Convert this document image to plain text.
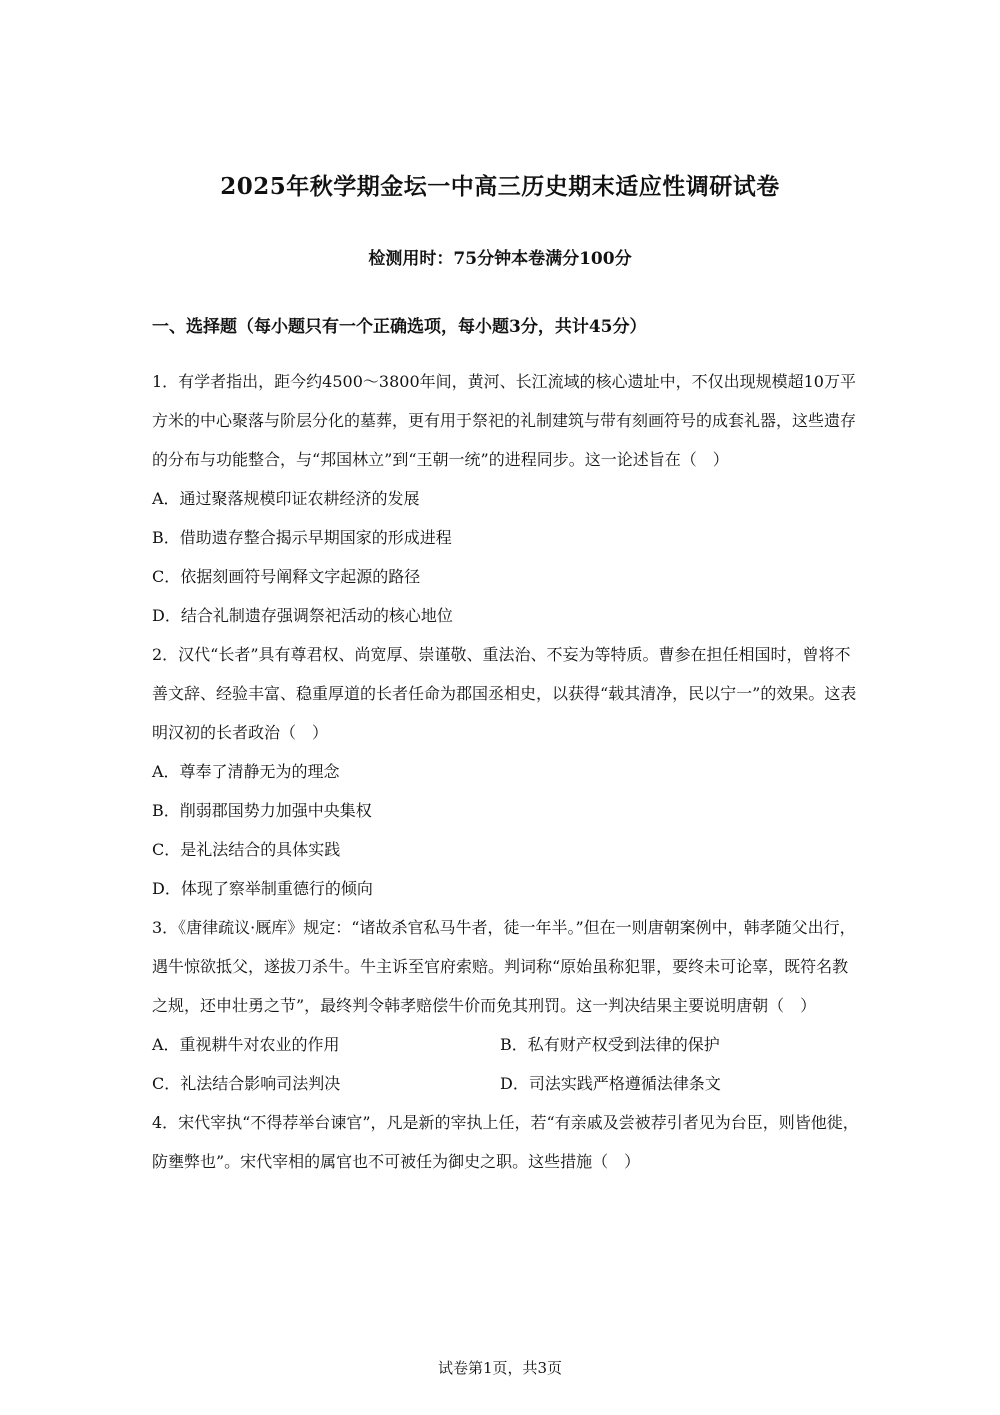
2025年秋学期金坛一中高三历史期末适应性调研试卷
检测用时：75分钟本卷满分100分
一、选择题（每小题只有一个正确选项，每小题3分，共计45分）

1．有学者指出，距今约4500～3800年间，黄河、长江流域的核心遗址中，不仅出现规模超10万平方米的中心聚落与阶层分化的墓葬，更有用于祭祀的礼制建筑与带有刻画符号的成套礼器，这些遗存的分布与功能整合，与“邦国林立”到“王朝一统”的进程同步。这一论述旨在（　）

A．通过聚落规模印证农耕经济的发展
B．借助遗存整合揭示早期国家的形成进程
C．依据刻画符号阐释文字起源的路径
D．结合礼制遗存强调祭祀活动的核心地位

2．汉代“长者”具有尊君权、尚宽厚、崇谨敬、重法治、不妄为等特质。曹参在担任相国时，曾将不善文辞、经验丰富、稳重厚道的长者任命为郡国丞相史，以获得“载其清净，民以宁一”的效果。这表明汉初的长者政治（　）

A．尊奉了清静无为的理念
B．削弱郡国势力加强中央集权
C．是礼法结合的具体实践
D．体现了察举制重德行的倾向

3．《唐律疏议·厩库》规定：“诸故杀官私马牛者，徒一年半。”但在一则唐朝案例中，韩孝随父出行，遇牛惊欲抵父，遂拔刀杀牛。牛主诉至官府索赔。判词称“原始虽称犯罪，要终未可论辜，既符名教之规，还申壮勇之节”，最终判令韩孝赔偿牛价而免其刑罚。这一判决结果主要说明唐朝（　）

A．重视耕牛对农业的作用	B．私有财产权受到法律的保护
C．礼法结合影响司法判决	D．司法实践严格遵循法律条文

4．宋代宰执“不得荐举台谏官”，凡是新的宰执上任，若“有亲戚及尝被荐引者见为台臣，则皆他徙，防壅弊也”。宋代宰相的属官也不可被任为御史之职。这些措施（　）

试卷第1页，共3页
